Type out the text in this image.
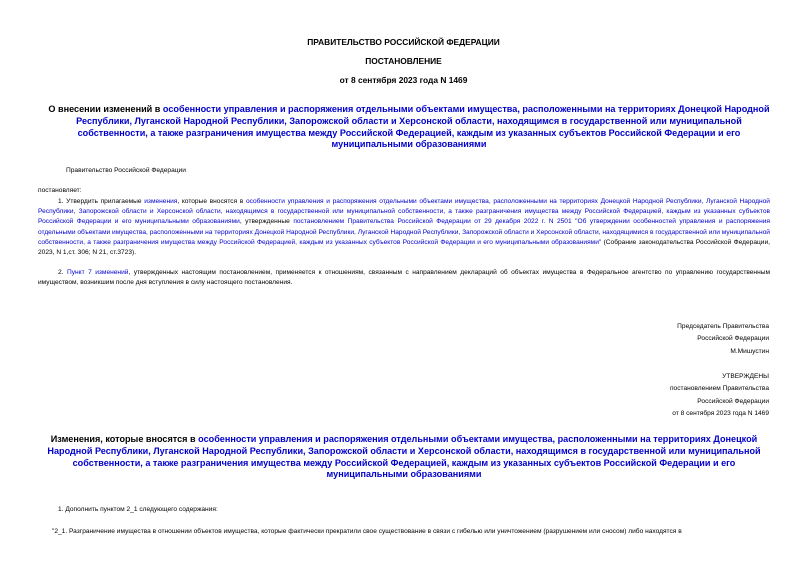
ПРАВИТЕЛЬСТВО РОССИЙСКОЙ ФЕДЕРАЦИИ
ПОСТАНОВЛЕНИЕ
от 8 сентября 2023 года N 1469
О внесении изменений в особенности управления и распоряжения отдельными объектами имущества, расположенными на территориях Донецкой Народной Республики, Луганской Народной Республики, Запорожской области и Херсонской области, находящимся в государственной или муниципальной собственности, а также разграничения имущества между Российской Федерацией, каждым из указанных субъектов Российской Федерации и его муниципальными образованиями
Правительство Российской Федерации
постановляет:
1. Утвердить прилагаемые изменения, которые вносятся в особенности управления и распоряжения отдельными объектами имущества, расположенными на территориях Донецкой Народной Республики, Луганской Народной Республики, Запорожской области и Херсонской области, находящимся в государственной или муниципальной собственности, а также разграничения имущества между Российской Федерацией, каждым из указанных субъектов Российской Федерации и его муниципальными образованиями, утвержденные постановлением Правительства Российской Федерации от 29 декабря 2022 г. N 2501 "Об утверждении особенностей управления и распоряжения отдельными объектами имущества, расположенными на территориях Донецкой Народной Республики, Луганской Народной Республики, Запорожской области и Херсонской области, находящимися в государственной или муниципальной собственности, а также разграничения имущества между Российской Федерацией, каждым из указанных субъектов Российской Федерации и его муниципальными образованиями" (Собрание законодательства Российской Федерации, 2023, N 1,ст. 306; N 21, ст.3723).
2. Пункт 7 изменений, утвержденных настоящим постановлением, применяется к отношениям, связанным с направлением деклараций об объектах имущества в Федеральное агентство по управлению государственным имуществом, возникшим после дня вступления в силу настоящего постановления.
Председатель Правительства
Российской Федерации
М.Мишустин
УТВЕРЖДЕНЫ
постановлением Правительства
Российской Федерации
от 8 сентября 2023 года N 1469
Изменения, которые вносятся в особенности управления и распоряжения отдельными объектами имущества, расположенными на территориях Донецкой Народной Республики, Луганской Народной Республики, Запорожской области и Херсонской области, находящимся в государственной или муниципальной собственности, а также разграничения имущества между Российской Федерацией, каждым из указанных субъектов Российской Федерации и его муниципальными образованиями
1. Дополнить пунктом 2_1 следующего содержания:
"2_1. Разграничение имущества в отношении объектов имущества, которые фактически прекратили свое существование в связи с гибелью или уничтожением (разрушением или сносом) либо находятся в
